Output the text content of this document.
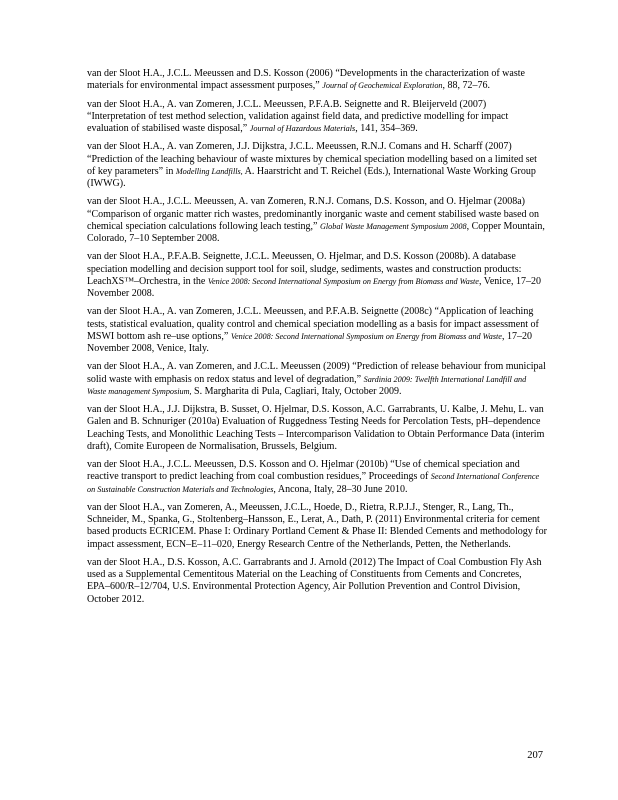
van der Sloot H.A., J.C.L. Meeussen and D.S. Kosson (2006) “Developments in the characterization of waste materials for environmental impact assessment purposes,” Journal of Geochemical Exploration, 88, 72–76.

van der Sloot H.A., A. van Zomeren, J.C.L. Meeussen, P.F.A.B. Seignette and R. Bleijerveld (2007) “Interpretation of test method selection, validation against field data, and predictive modelling for impact evaluation of stabilised waste disposal,” Journal of Hazardous Materials, 141, 354–369.

van der Sloot H.A., A. van Zomeren, J.J. Dijkstra, J.C.L. Meeussen, R.N.J. Comans and H. Scharff (2007) “Prediction of the leaching behaviour of waste mixtures by chemical speciation modelling based on a limited set of key parameters” in Modelling Landfills, A. Haarstricht and T. Reichel (Eds.), International Waste Working Group (IWWG).

van der Sloot H.A., J.C.L. Meeussen, A. van Zomeren, R.N.J. Comans, D.S. Kosson, and O. Hjelmar (2008a) “Comparison of organic matter rich wastes, predominantly inorganic waste and cement stabilised waste based on chemical speciation calculations following leach testing,” Global Waste Management Symposium 2008, Copper Mountain, Colorado, 7–10 September 2008.

van der Sloot H.A., P.F.A.B. Seignette, J.C.L. Meeussen, O. Hjelmar, and D.S. Kosson (2008b). A database speciation modelling and decision support tool for soil, sludge, sediments, wastes and construction products: LeachXS™–Orchestra, in the Venice 2008: Second International Symposium on Energy from Biomass and Waste, Venice, 17–20 November 2008.

van der Sloot H.A., A. van Zomeren, J.C.L. Meeussen, and P.F.A.B. Seignette (2008c) “Application of leaching tests, statistical evaluation, quality control and chemical speciation modelling as a basis for impact assessment of MSWI bottom ash re–use options,” Venice 2008: Second International Symposium on Energy from Biomass and Waste, 17–20 November 2008, Venice, Italy.

van der Sloot H.A., A. van Zomeren, and J.C.L. Meeussen (2009) “Prediction of release behaviour from municipal solid waste with emphasis on redox status and level of degradation,” Sardinia 2009: Twelfth International Landfill and Waste management Symposium, S. Margharita di Pula, Cagliari, Italy, October 2009.

van der Sloot H.A., J.J. Dijkstra, B. Susset, O. Hjelmar, D.S. Kosson, A.C. Garrabrants, U. Kalbe, J. Mehu, L. van Galen and B. Schnuriger (2010a) Evaluation of Ruggedness Testing Needs for Percolation Tests, pH–dependence Leaching Tests, and Monolithic Leaching Tests – Intercomparison Validation to Obtain Performance Data (interim draft), Comite Europeen de Normalisation, Brussels, Belgium.

van der Sloot H.A., J.C.L. Meeussen, D.S. Kosson and O. Hjelmar (2010b) “Use of chemical speciation and reactive transport to predict leaching from coal combustion residues,” Proceedings of Second International Conference on Sustainable Construction Materials and Technologies, Ancona, Italy, 28–30 June 2010.

van der Sloot H.A., van Zomeren, A., Meeussen, J.C.L., Hoede, D., Rietra, R.P.J.J., Stenger, R., Lang, Th., Schneider, M., Spanka, G., Stoltenberg–Hansson, E., Lerat, A., Dath, P. (2011) Environmental criteria for cement based products ECRICEM. Phase I: Ordinary Portland Cement & Phase II: Blended Cements and methodology for impact assessment, ECN–E–11–020, Energy Research Centre of the Netherlands, Petten, the Netherlands.

van der Sloot H.A., D.S. Kosson, A.C. Garrabrants and J. Arnold (2012) The Impact of Coal Combustion Fly Ash used as a Supplemental Cementitous Material on the Leaching of Constituents from Cements and Concretes, EPA–600/R–12/704, U.S. Environmental Protection Agency, Air Pollution Prevention and Control Division, October 2012.

207
